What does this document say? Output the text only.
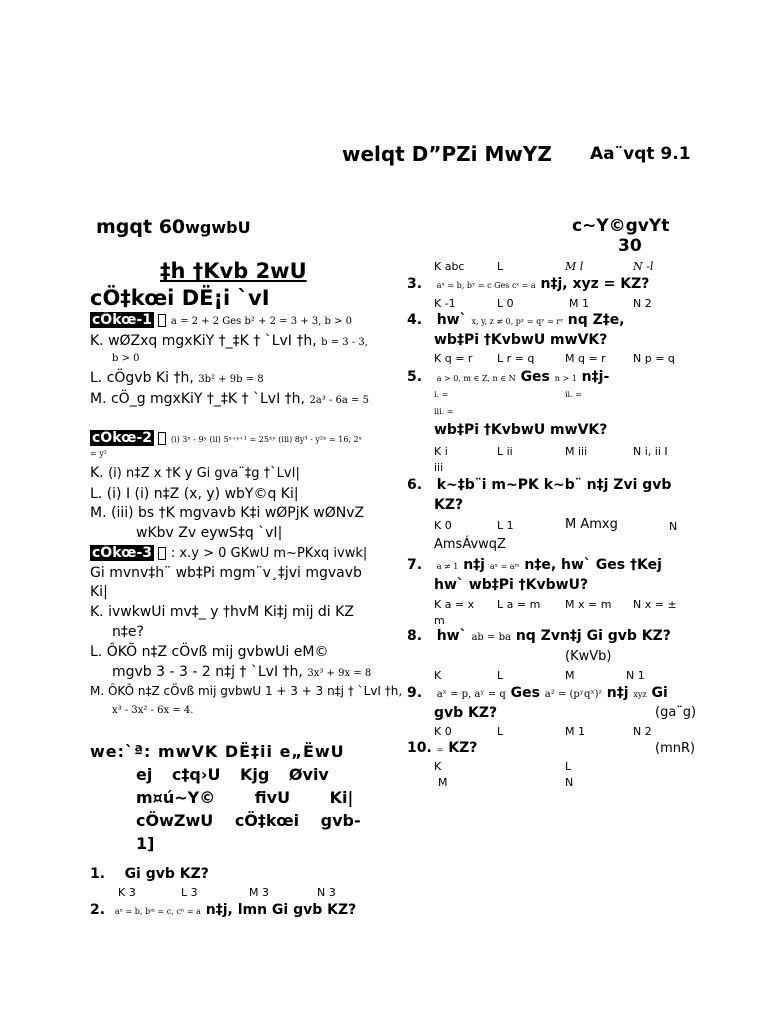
welqt D”PZi MwYZ Aa¨vqt 9.1
mgqt 60wgwbU	c~Y©gvYt
30
‡h †Kvb 2wU
cÖ‡kœi DË¡i `vI
cÖkœ-1 a = 2 + 2 Ges b² + 2 = 3 + 3, b > 0
K. wØZxq mgxKiY †_‡K † `LvI †h, b = 3 - 3,
b > 0
L. cÖgvb Ki †h, 3b² + 9b = 8
M. cÖ_g mgxKiY †_‡K † `LvI †h, 2a³ - 6a = 5
cÖkœ-2 (i) 3ˣ - 9ʸ (ii) 5ˣ⁺ʸ⁺¹ = 25ˣʸ (iii) 8y³ - y²ˣ = 16, 2ˣ
= y²
K. (i) n‡Z x †K y Gi gva¨‡g †`LvI|
L. (i) I (i) n‡Z (x, y) wbY©q Ki|
M. (iii) bs †K mgvavb K‡i wØPjK wØNvZ
wKbv Zv eywS‡q `vI|
cÖkœ-3 : x.y > 0 GKwU m~PKxq ivwk|
Gi mvnv‡h¨ wb‡Pi mgm¨v¸‡jvi mgvavb
Ki|
K. ivwkwUi mv‡_ y †hvM Ki‡j mij di KZ
n‡e?
L. ÔKÕ n‡Z cÖvß mij gvbwUi eM©
mgvb 3 - 3 - 2 n‡j † `LvI †h, 3x³ + 9x = 8
M. ÔKÕ n‡Z cÖvß mij gvbwU 1 + 3 + 3 n‡j † `LvI †h,
x³ - 3x² - 6x = 4.
we:`ª: mwVK DË‡ii e„ËwU
ej c‡q›U Kjg Øviv
m¤ú~Y© fivU Ki|
cÖwZwU cÖ‡kœi gvb-
1]
1. Gi gvb KZ?
K 3	L 3	M 3	N 3
2. aˣ = b, bᵐ = c, cⁿ = a n‡j, lmn Gi gvb KZ?
K abc	L	M l	N -l
3. aˣ = b, bʸ = c Ges cᶻ = a n‡j, xyz = KZ?
K -1	L 0	M 1	N 2
4. hw` x, y, z ≠ 0, pˣ = qʸ = rᶻ nq Z‡e,
wb‡Pi †KvbwU mwVK?
K q = r L r = q	M q = r N p = q
5. a > 0, m ∈ Z, n ∈ N Ges n > 1 n‡j-
i. =	ii. =
iii. =
wb‡Pi †KvbwU mwVK?
K i	L ii	M iii	N i, ii I
iii
6. k~‡b¨i m~PK k~b¨ n‡j Zvi gvb
KZ?
K 0	L 1	M Amxg	N
AmsÁvwqZ
7. a ≠ 1 n‡j aˣ = aᵐ n‡e, hw` Ges †Kej
hw` wb‡Pi †KvbwU?
K a = x L a = m M x = m N x = ±
m
8. hw` ab = ba nq Zvn‡j Gi gvb KZ?
(KwVb)
K	L	M	N 1
9. aˣ = p, aʸ = q Ges a² = (pʸqˣ)ᶻ n‡j xyz Gi
gvb KZ?	(ga¨g)
K 0	L	M 1	N 2
10. = KZ?	(mnR)
K	L
M	N
